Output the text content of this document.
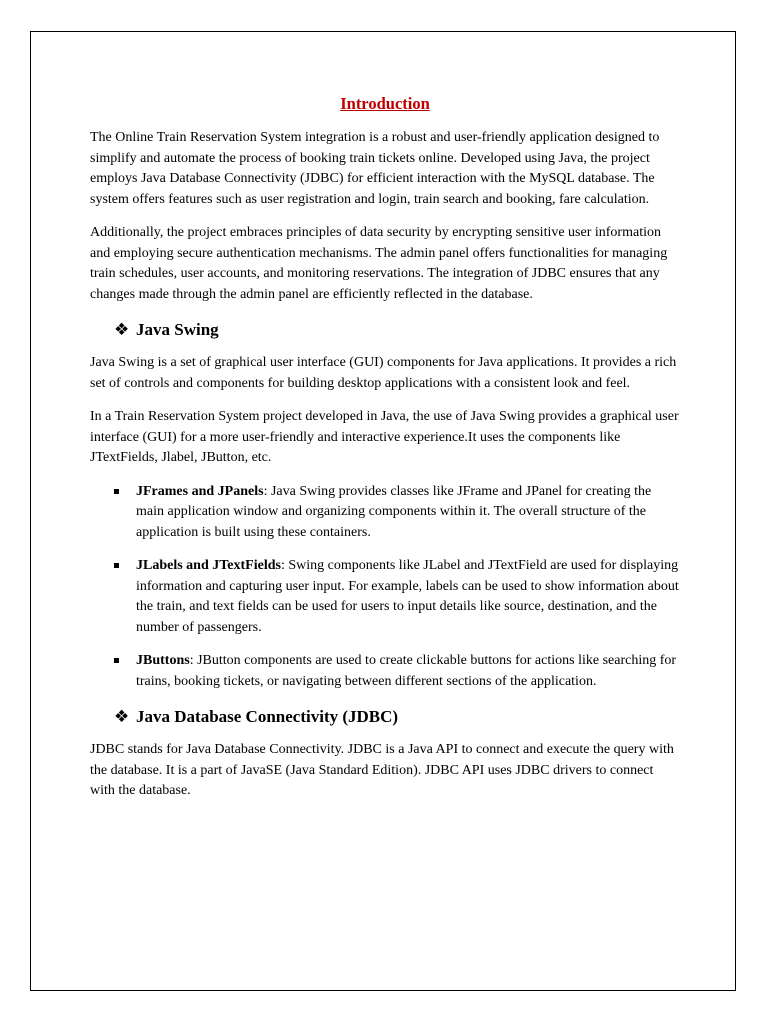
Introduction

The Online Train Reservation System integration is a robust and user-friendly application designed to simplify and automate the process of booking train tickets online. Developed using Java, the project employs Java Database Connectivity (JDBC) for efficient interaction with the MySQL database. The system offers features such as user registration and login, train search and booking, fare calculation.

Additionally, the project embraces principles of data security by encrypting sensitive user information and employing secure authentication mechanisms. The admin panel offers functionalities for managing train schedules, user accounts, and monitoring reservations. The integration of JDBC ensures that any changes made through the admin panel are efficiently reflected in the database.

❖ Java Swing

Java Swing is a set of graphical user interface (GUI) components for Java applications. It provides a rich set of controls and components for building desktop applications with a consistent look and feel.

In a Train Reservation System project developed in Java, the use of Java Swing provides a graphical user interface (GUI) for a more user-friendly and interactive experience.It uses the components like JTextFields, Jlabel, JButton, etc.

JFrames and JPanels: Java Swing provides classes like JFrame and JPanel for creating the main application window and organizing components within it. The overall structure of the application is built using these containers.
JLabels and JTextFields: Swing components like JLabel and JTextField are used for displaying information and capturing user input. For example, labels can be used to show information about the train, and text fields can be used for users to input details like source, destination, and the number of passengers.
JButtons: JButton components are used to create clickable buttons for actions like searching for trains, booking tickets, or navigating between different sections of the application.
❖ Java Database Connectivity (JDBC)

JDBC stands for Java Database Connectivity. JDBC is a Java API to connect and execute the query with the database. It is a part of JavaSE (Java Standard Edition). JDBC API uses JDBC drivers to connect with the database.
